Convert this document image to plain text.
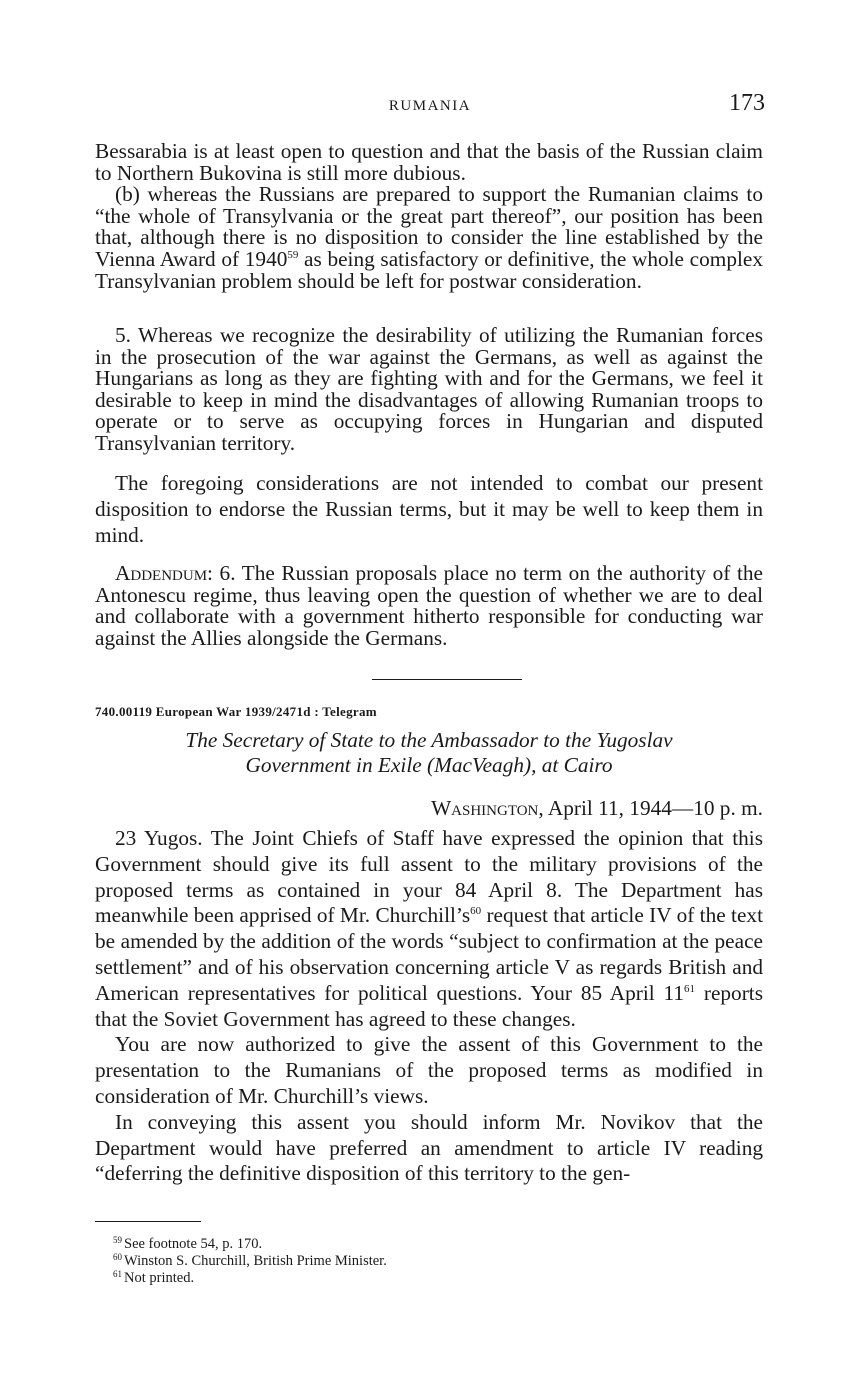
RUMANIA	173

Bessarabia is at least open to question and that the basis of the Russian claim to Northern Bukovina is still more dubious.

(b) whereas the Russians are prepared to support the Rumanian claims to “the whole of Transylvania or the great part thereof”, our position has been that, although there is no disposition to consider the line established by the Vienna Award of 1940$^{59}$ as being satisfactory or definitive, the whole complex Transylvanian problem should be left for postwar consideration.

5. Whereas we recognize the desirability of utilizing the Rumanian forces in the prosecution of the war against the Germans, as well as against the Hungarians as long as they are fighting with and for the Germans, we feel it desirable to keep in mind the disadvantages of allowing Rumanian troops to operate or to serve as occupying forces in Hungarian and disputed Transylvanian territory.

The foregoing considerations are not intended to combat our present disposition to endorse the Russian terms, but it may be well to keep them in mind.

Addendum: 6. The Russian proposals place no term on the authority of the Antonescu regime, thus leaving open the question of whether we are to deal and collaborate with a government hitherto responsible for conducting war against the Allies alongside the Germans.

740.00119 European War 1939/2471d : Telegram
The Secretary of State to the Ambassador to the Yugoslav
Government in Exile (MacVeagh), at Cairo
Washington, April 11, 1944—10 p. m.

23 Yugos. The Joint Chiefs of Staff have expressed the opinion that this Government should give its full assent to the military provisions of the proposed terms as contained in your 84 April 8. The Department has meanwhile been apprised of Mr. $Churchill’s^{60}$ request that article IV of the text be amended by the addition of the words “subject to confirmation at the peace settlement” and of his observation concerning article V as regards British and American representatives for political questions. Your 85 April $11^{61}$ reports that the Soviet Government has agreed to these changes.

You are now authorized to give the assent of this Government to the presentation to the Rumanians of the proposed terms as modified in consideration of Mr. Churchill’s views.

In conveying this assent you should inform Mr. Novikov that the Department would have preferred an amendment to article IV reading “deferring the definitive disposition of this territory to the gen-

$^{59}$ See footnote 54, p. 170.
$^{60}$ Winston S. Churchill, British Prime Minister.
$^{61}$ Not printed.
